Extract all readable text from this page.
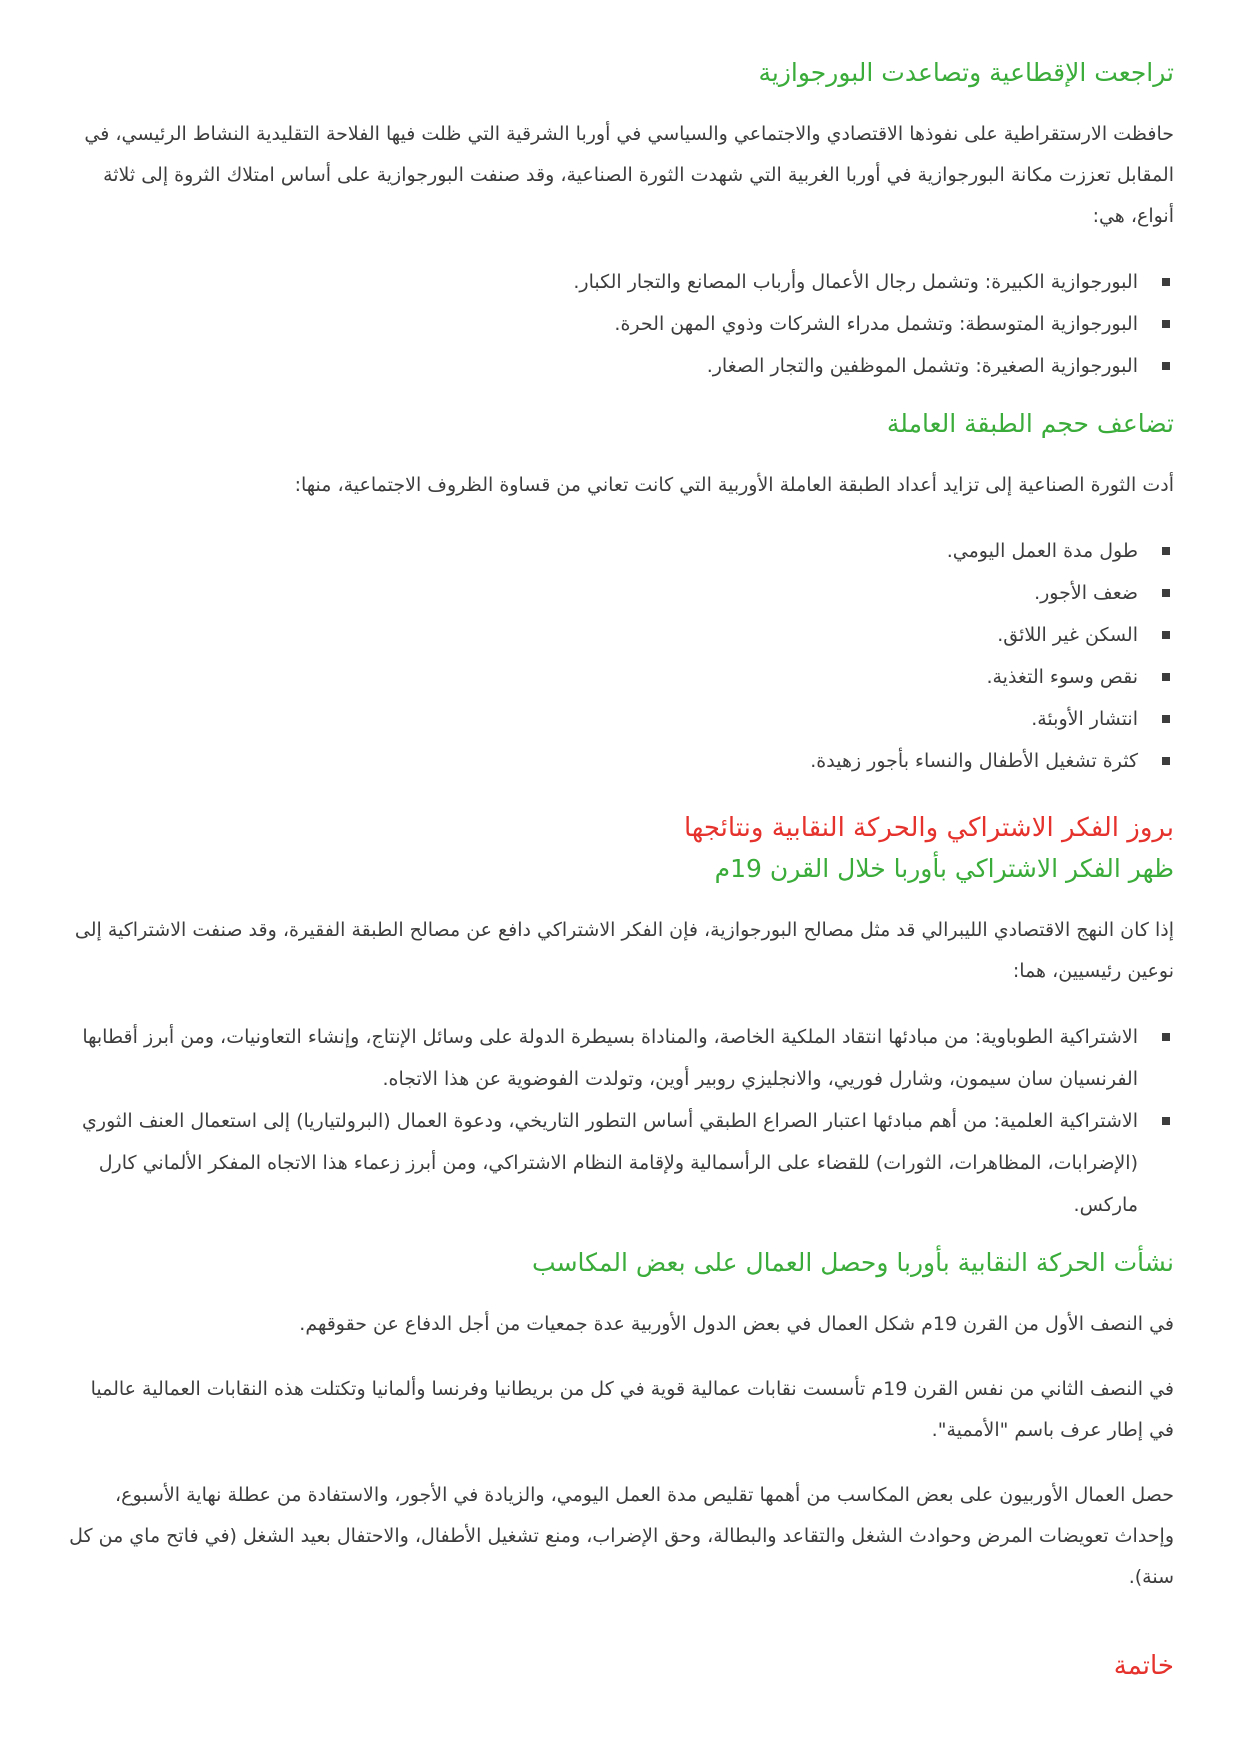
تراجعت الإقطاعية وتصاعدت البورجوازية

حافظت الارستقراطية على نفوذها الاقتصادي والاجتماعي والسياسي في أوربا الشرقية التي ظلت فيها الفلاحة التقليدية النشاط الرئيسي، في المقابل تعززت مكانة البورجوازية في أوربا الغربية التي شهدت الثورة الصناعية، وقد صنفت البورجوازية على أساس امتلاك الثروة إلى ثلاثة أنواع، هي:

البورجوازية الكبيرة: وتشمل رجال الأعمال وأرباب المصانع والتجار الكبار.
البورجوازية المتوسطة: وتشمل مدراء الشركات وذوي المهن الحرة.
البورجوازية الصغيرة: وتشمل الموظفين والتجار الصغار.
تضاعف حجم الطبقة العاملة

أدت الثورة الصناعية إلى تزايد أعداد الطبقة العاملة الأوربية التي كانت تعاني من قساوة الظروف الاجتماعية، منها:

طول مدة العمل اليومي.
ضعف الأجور.
السكن غير اللائق.
نقص وسوء التغذية.
انتشار الأوبئة.
كثرة تشغيل الأطفال والنساء بأجور زهيدة.
بروز الفكر الاشتراكي والحركة النقابية ونتائجها
ظهر الفكر الاشتراكي بأوربا خلال القرن 19م

إذا كان النهج الاقتصادي الليبرالي قد مثل مصالح البورجوازية، فإن الفكر الاشتراكي دافع عن مصالح الطبقة الفقيرة، وقد صنفت الاشتراكية إلى نوعين رئيسيين، هما:

الاشتراكية الطوباوية: من مبادئها انتقاد الملكية الخاصة، والمناداة بسيطرة الدولة على وسائل الإنتاج، وإنشاء التعاونيات، ومن أبرز أقطابها الفرنسيان سان سيمون، وشارل فوريي، والانجليزي روبير أوين، وتولدت الفوضوية عن هذا الاتجاه.
الاشتراكية العلمية: من أهم مبادئها اعتبار الصراع الطبقي أساس التطور التاريخي، ودعوة العمال (البرولتياريا) إلى استعمال العنف الثوري (الإضرابات، المظاهرات، الثورات) للقضاء على الرأسمالية ولإقامة النظام الاشتراكي، ومن أبرز زعماء هذا الاتجاه المفكر الألماني كارل ماركس.
نشأت الحركة النقابية بأوربا وحصل العمال على بعض المكاسب

في النصف الأول من القرن 19م شكل العمال في بعض الدول الأوربية عدة جمعيات من أجل الدفاع عن حقوقهم.

في النصف الثاني من نفس القرن 19م تأسست نقابات عمالية قوية في كل من بريطانيا وفرنسا وألمانيا وتكتلت هذه النقابات العمالية عالميا في إطار عرف باسم "الأممية".

حصل العمال الأوربيون على بعض المكاسب من أهمها تقليص مدة العمل اليومي، والزيادة في الأجور، والاستفادة من عطلة نهاية الأسبوع، وإحداث تعويضات المرض وحوادث الشغل والتقاعد والبطالة، وحق الإضراب، ومنع تشغيل الأطفال، والاحتفال بعيد الشغل (في فاتح ماي من كل سنة).

خاتمة
